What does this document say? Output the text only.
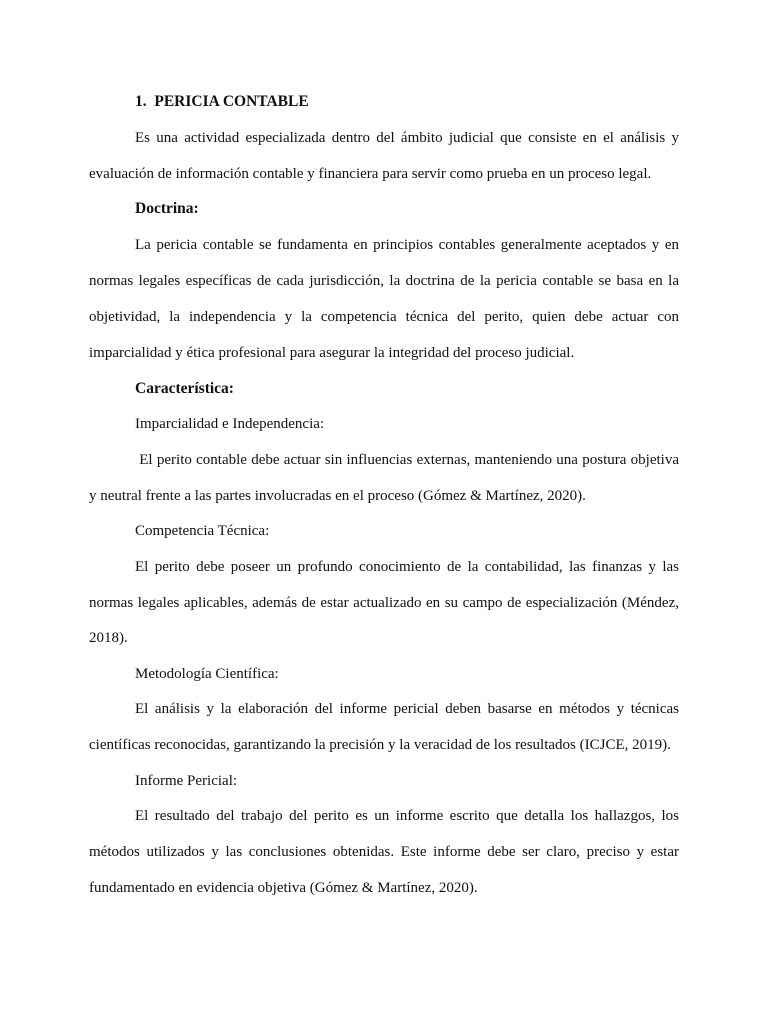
1. PERICIA CONTABLE
Es una actividad especializada dentro del ámbito judicial que consiste en el análisis y
evaluación de información contable y financiera para servir como prueba en un proceso legal.
Doctrina:
La pericia contable se fundamenta en principios contables generalmente aceptados y en
normas legales específicas de cada jurisdicción, la doctrina de la pericia contable se basa en la
objetividad, la independencia y la competencia técnica del perito, quien debe actuar con
imparcialidad y ética profesional para asegurar la integridad del proceso judicial.
Característica:
Imparcialidad e Independencia:
El perito contable debe actuar sin influencias externas, manteniendo una postura objetiva
y neutral frente a las partes involucradas en el proceso (Gómez & Martínez, 2020).
Competencia Técnica:
El perito debe poseer un profundo conocimiento de la contabilidad, las finanzas y las
normas legales aplicables, además de estar actualizado en su campo de especialización (Méndez,
2018).
Metodología Científica:
El análisis y la elaboración del informe pericial deben basarse en métodos y técnicas
científicas reconocidas, garantizando la precisión y la veracidad de los resultados (ICJCE, 2019).
Informe Pericial:
El resultado del trabajo del perito es un informe escrito que detalla los hallazgos, los
métodos utilizados y las conclusiones obtenidas. Este informe debe ser claro, preciso y estar
fundamentado en evidencia objetiva (Gómez & Martínez, 2020).
